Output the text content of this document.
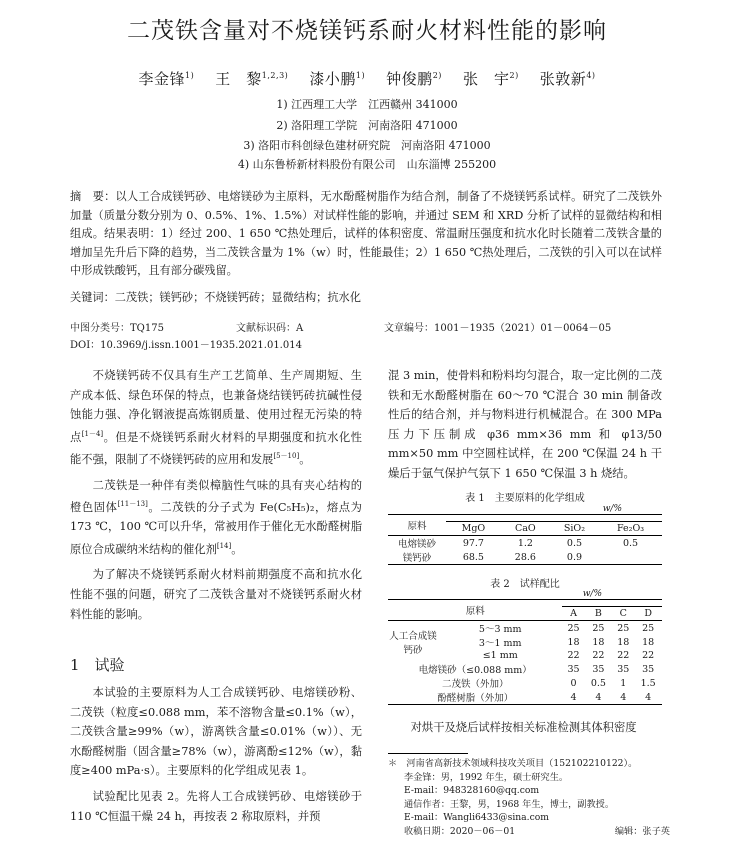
二茂铁含量对不烧镁钙系耐火材料性能的影响
李金锋$^{1)}$ 王　黎$^{1,2,3)}$ 漆小鹏$^{1)}$ 钟俊鹏$^{2)}$ 张　宇$^{2)}$ 张敦新$^{4)}$
1) 江西理工大学　江西赣州 341000
2) 洛阳理工学院　河南洛阳 471000
3) 洛阳市科创绿色建材研究院　河南洛阳 471000
4) 山东鲁桥新材料股份有限公司　山东淄博 255200
摘　要：以人工合成镁钙砂、电熔镁砂为主原料，无水酚醛树脂作为结合剂，制备了不烧镁钙系试样。研究了二茂铁外加量（质量分数分别为 0、0.5%、1%、1.5%）对试样性能的影响，并通过 SEM 和 XRD 分析了试样的显微结构和相组成。结果表明：1）经过 200、1 650 ℃热处理后，试样的体积密度、常温耐压强度和抗水化时长随着二茂铁含量的增加呈先升后下降的趋势，当二茂铁含量为 1%（w）时，性能最佳；2）1 650 ℃热处理后，二茂铁的引入可以在试样中形成铁酸钙，且有部分碳残留。
关键词：二茂铁；镁钙砂；不烧镁钙砖；显微结构；抗水化
中图分类号：TQ175	文献标识码：A	文章编号：1001－1935（2021）01－0064－05
DOI：10.3969/j.issn.1001－1935.2021.01.014

不烧镁钙砖不仅具有生产工艺简单、生产周期短、生产成本低、绿色环保的特点，也兼备烧结镁钙砖抗碱性侵蚀能力强、净化钢液提高炼钢质量、使用过程无污染的特点[1－4]。但是不烧镁钙系耐火材料的早期强度和抗水化性能不强，限制了不烧镁钙砖的应用和发展[5－10]。

二茂铁是一种伴有类似樟脑性气味的具有夹心结构的橙色固体[11－13]。二茂铁的分子式为 Fe(C₅H₅)₂，熔点为 173 ℃，100 ℃可以升华，常被用作于催化无水酚醛树脂原位合成碳纳米结构的催化剂[14]。

为了解决不烧镁钙系耐火材料前期强度不高和抗水化性能不强的问题，研究了二茂铁含量对不烧镁钙系耐火材料性能的影响。

1　试验

本试验的主要原料为人工合成镁钙砂、电熔镁砂粉、二茂铁（粒度≤0.088 mm，苯不溶物含量≤0.1%（w），二茂铁含量≥99%（w），游离铁含量≤0.01%（w））、无水酚醛树脂（固含量≥78%（w），游离酚≤12%（w），黏度≥400 mPa·s）。主要原料的化学组成见表 1。

试验配比见表 2。先将人工合成镁钙砂、电熔镁砂于 110 ℃恒温干燥 24 h，再按表 2 称取原料，并预

混 3 min，使骨料和粉料均匀混合，取一定比例的二茂铁和无水酚醛树脂在 60～70 ℃混合 30 min 制备改性后的结合剂，并与物料进行机械混合。在 300 MPa 压力下压制成 φ36 mm×36 mm 和 φ13/50 mm×50 mm 中空圆柱试样，在 200 ℃保温 24 h 干燥后于氩气保护气氛下 1 650 ℃保温 3 h 烧结。

表 1　主要原料的化学组成
w/%
原料				
	MgO	CaO	SiO₂	Fe₂O₃
电熔镁砂	97.7	1.2	0.5	0.5
镁钙砂	68.5	28.6	0.9	
表 2　试样配比
w/%
原料					
		A	B	C	D
人工合成镁钙砂	5～3 mm	25	25	25	25
	3～1 mm	18	18	18	18
	≤1 mm	22	22	22	22
电熔镁砂（≤0.088 mm）		35	35	35	35
二茂铁（外加）		0	0.5	1	1.5
酚醛树脂（外加）		4	4	4	4
对烘干及烧后试样按相关标准检测其体积密度
＊　河南省高新技术领域科技攻关项目（152102210122）。
李金锋：男，1992 年生，硕士研究生。
E-mail：948328160@qq.com
通信作者：王黎，男，1968 年生，博士，副教授。
E-mail：Wangli6433@sina.com
收稿日期：2020－06－01	编辑：张子英
